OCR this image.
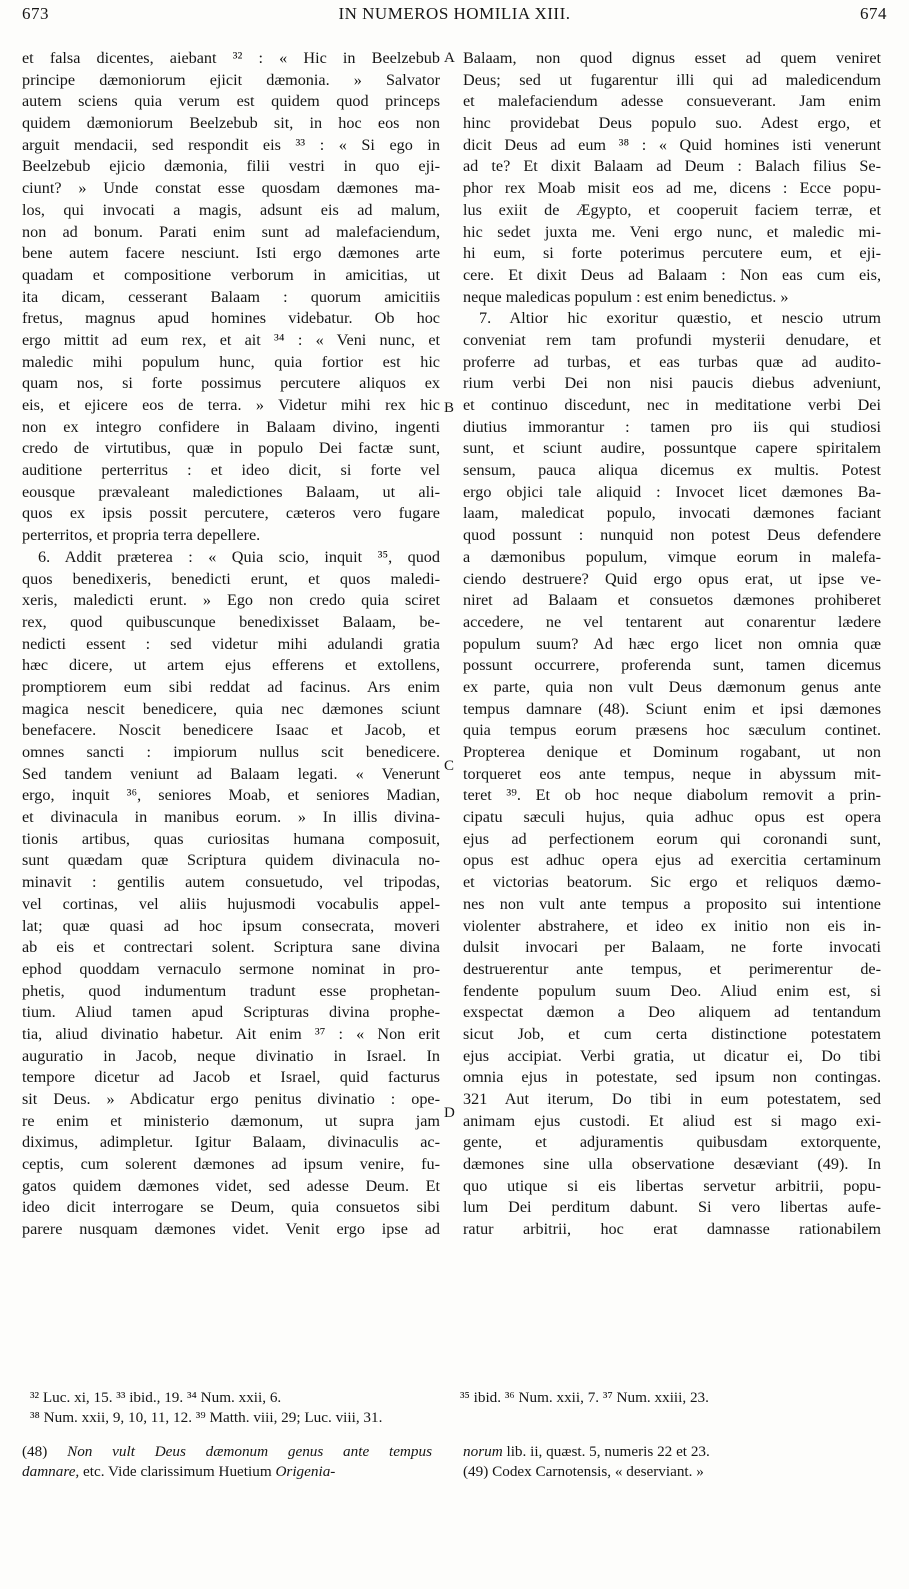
673	IN NUMEROS HOMILIA XIII.	674
et falsa dicentes, aiebant ³² : « Hic in Beelzebub
principe dæmoniorum ejicit dæmonia. » Salvator
autem sciens quia verum est quidem quod princeps
quidem dæmoniorum Beelzebub sit, in hoc eos non
arguit mendacii, sed respondit eis ³³ : « Si ego in
Beelzebub ejicio dæmonia, filii vestri in quo eji-
ciunt? » Unde constat esse quosdam dæmones ma-
los, qui invocati a magis, adsunt eis ad malum,
non ad bonum. Parati enim sunt ad malefaciendum,
bene autem facere nesciunt. Isti ergo dæmones arte
quadam et compositione verborum in amicitias, ut
ita dicam, cesserant Balaam : quorum amicitiis
fretus, magnus apud homines videbatur. Ob hoc
ergo mittit ad eum rex, et ait ³⁴ : « Veni nunc, et
maledic mihi populum hunc, quia fortior est hic
quam nos, si forte possimus percutere aliquos ex
eis, et ejicere eos de terra. » Videtur mihi rex hic
non ex integro confidere in Balaam divino, ingenti
credo de virtutibus, quæ in populo Dei factæ sunt,
auditione perterritus : et ideo dicit, si forte vel
eousque prævaleant maledictiones Balaam, ut ali-
quos ex ipsis possit percutere, cæteros vero fugare
perterritos, et propria terra depellere.
6. Addit præterea : « Quia scio, inquit ³⁵, quod
quos benedixeris, benedicti erunt, et quos maledi-
xeris, maledicti erunt. » Ego non credo quia sciret
rex, quod quibuscunque benedixisset Balaam, be-
nedicti essent : sed videtur mihi adulandi gratia
hæc dicere, ut artem ejus efferens et extollens,
promptiorem eum sibi reddat ad facinus. Ars enim
magica nescit benedicere, quia nec dæmones sciunt
benefacere. Noscit benedicere Isaac et Jacob, et
omnes sancti : impiorum nullus scit benedicere.
Sed tandem veniunt ad Balaam legati. « Venerunt
ergo, inquit ³⁶, seniores Moab, et seniores Madian,
et divinacula in manibus eorum. » In illis divina-
tionis artibus, quas curiositas humana composuit,
sunt quædam quæ Scriptura quidem divinacula no-
minavit : gentilis autem consuetudo, vel tripodas,
vel cortinas, vel aliis hujusmodi vocabulis appel-
lat; quæ quasi ad hoc ipsum consecrata, moveri
ab eis et contrectari solent. Scriptura sane divina
ephod quoddam vernaculo sermone nominat in pro-
phetis, quod indumentum tradunt esse prophetan-
tium. Aliud tamen apud Scripturas divina prophe-
tia, aliud divinatio habetur. Ait enim ³⁷ : « Non erit
auguratio in Jacob, neque divinatio in Israel. In
tempore dicetur ad Jacob et Israel, quid facturus
sit Deus. » Abdicatur ergo penitus divinatio : ope-
re enim et ministerio dæmonum, ut supra jam
diximus, adimpletur. Igitur Balaam, divinaculis ac-
ceptis, cum solerent dæmones ad ipsum venire, fu-
gatos quidem dæmones videt, sed adesse Deum. Et
ideo dicit interrogare se Deum, quia consuetos sibi
parere nusquam dæmones videt. Venit ergo ipse ad
Balaam, non quod dignus esset ad quem veniret
Deus; sed ut fugarentur illi qui ad maledicendum
et malefaciendum adesse consueverant. Jam enim
hinc providebat Deus populo suo. Adest ergo, et
dicit Deus ad eum ³⁸ : « Quid homines isti venerunt
ad te? Et dixit Balaam ad Deum : Balach filius Se-
phor rex Moab misit eos ad me, dicens : Ecce popu-
lus exiit de Ægypto, et cooperuit faciem terræ, et
hic sedet juxta me. Veni ergo nunc, et maledic mi-
hi eum, si forte poterimus percutere eum, et eji-
cere. Et dixit Deus ad Balaam : Non eas cum eis,
neque maledicas populum : est enim benedictus. »
7. Altior hic exoritur quæstio, et nescio utrum
conveniat rem tam profundi mysterii denudare, et
proferre ad turbas, et eas turbas quæ ad audito-
rium verbi Dei non nisi paucis diebus adveniunt,
et continuo discedunt, nec in meditatione verbi Dei
diutius immorantur : tamen pro iis qui studiosi
sunt, et sciunt audire, possuntque capere spiritalem
sensum, pauca aliqua dicemus ex multis. Potest
ergo objici tale aliquid : Invocet licet dæmones Ba-
laam, maledicat populo, invocati dæmones faciant
quod possunt : nunquid non potest Deus defendere
a dæmonibus populum, vimque eorum in malefa-
ciendo destruere? Quid ergo opus erat, ut ipse ve-
niret ad Balaam et consuetos dæmones prohiberet
accedere, ne vel tentarent aut conarentur lædere
populum suum? Ad hæc ergo licet non omnia quæ
possunt occurrere, proferenda sunt, tamen dicemus
ex parte, quia non vult Deus dæmonum genus ante
tempus damnare (48). Sciunt enim et ipsi dæmones
quia tempus eorum præsens hoc sæculum continet.
Propterea denique et Dominum rogabant, ut non
torqueret eos ante tempus, neque in abyssum mit-
teret ³⁹. Et ob hoc neque diabolum removit a prin-
cipatu sæculi hujus, quia adhuc opus est opera
ejus ad perfectionem eorum qui coronandi sunt,
opus est adhuc opera ejus ad exercitia certaminum
et victorias beatorum. Sic ergo et reliquos dæmo-
nes non vult ante tempus a proposito sui intentione
violenter abstrahere, et ideo ex initio non eis in-
dulsit invocari per Balaam, ne forte invocati
destruerentur ante tempus, et perimerentur de-
fendente populum suum Deo. Aliud enim est, si
exspectat dæmon a Deo aliquem ad tentandum
sicut Job, et cum certa distinctione potestatem
ejus accipiat. Verbi gratia, ut dicatur ei, Do tibi
omnia ejus in potestate, sed ipsum non contingas.
321 Aut iterum, Do tibi in eum potestatem, sed
animam ejus custodi. Et aliud est si mago exi-
gente, et adjuramentis quibusdam extorquente,
dæmones sine ulla observatione desæviant (49). In
quo utique si eis libertas servetur arbitrii, popu-
lum Dei perditum dabunt. Si vero libertas aufe-
ratur arbitrii, hoc erat damnasse rationabilem
A
B
C
D
³² Luc. xi, 15. ³³ ibid., 19. ³⁴ Num. xxii, 6.	³⁵ ibid. ³⁶ Num. xxii, 7. ³⁷ Num. xxiii, 23.
³⁸ Num. xxii, 9, 10, 11, 12. ³⁹ Matth. viii, 29; Luc. viii, 31.
(48) Non vult Deus dæmonum genus ante tempus
damnare, etc. Vide clarissimum Huetium Origenia-
norum lib. ii, quæst. 5, numeris 22 et 23.
(49) Codex Carnotensis, « deserviant. »
